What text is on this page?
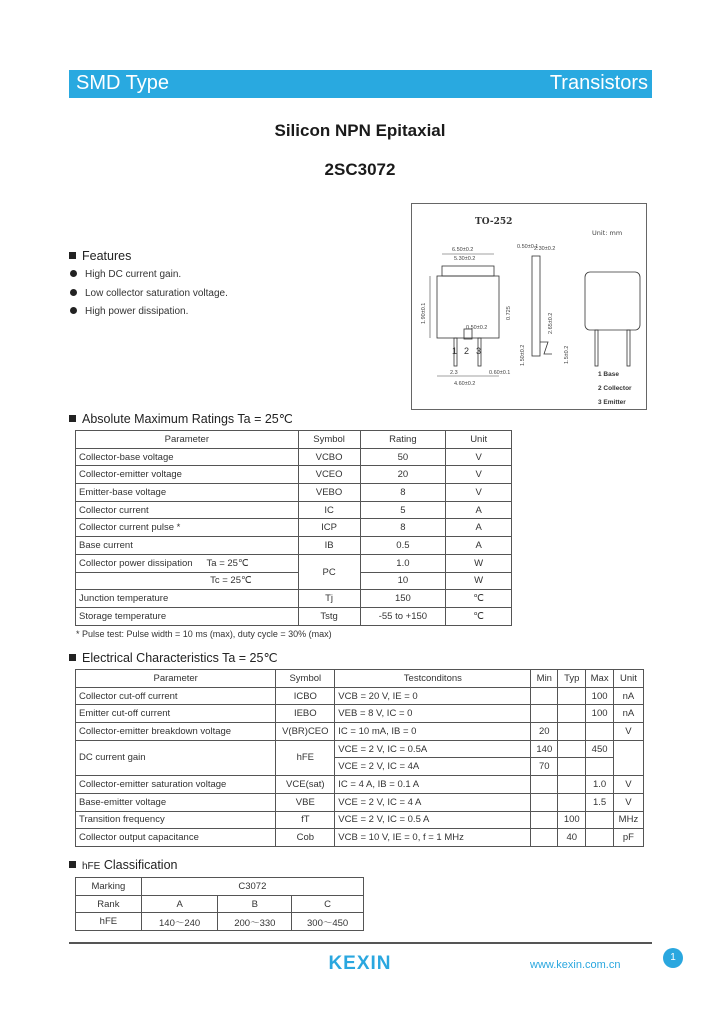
SMD Type	Transistors
Silicon NPN Epitaxial
2SC3072
Features
High DC current gain.
Low collector saturation voltage.
High power dissipation.
TO-252
Unit: mm
6.50±0.2
5.30±0.2
0.50±0.2
2.3
4.60±0.2
0.60±0.1
1 2 3
1.90±0.1
0.50±0.1
2.30±0.2
0.725
1.50±0.2
2.65±0.2
1.5±0.2
1 Base
2 Collector
3 Emitter
Absolute Maximum Ratings Ta = 25℃
Parameter	Symbol	Rating	Unit
Collector-base voltage	VCBO	50	V
Collector-emitter voltage	VCEO	20	V
Emitter-base voltage	VEBO	8	V
Collector current	IC	5	A
Collector current pulse *	ICP	8	A
Base current	IB	0.5	A
Collector power dissipation Ta = 25℃	PC	1.0	W
Tc = 25℃		10	W
Junction temperature	Tj	150	℃
Storage temperature	Tstg	-55 to +150	℃
* Pulse test: Pulse width = 10 ms (max), duty cycle = 30% (max)
Electrical Characteristics Ta = 25℃
Parameter	Symbol	Testconditons	Min	Typ	Max	Unit
Collector cut-off current	ICBO	VCB = 20 V, IE = 0			100	nA
Emitter cut-off current	IEBO	VEB = 8 V, IC = 0			100	nA
Collector-emitter breakdown voltage	V(BR)CEO	IC = 10 mA, IB = 0	20			V
DC current gain	hFE	VCE = 2 V, IC = 0.5A	140		450	
		VCE = 2 V, IC = 4A	70			
Collector-emitter saturation voltage	VCE(sat)	IC = 4 A, IB = 0.1 A			1.0	V
Base-emitter voltage	VBE	VCE = 2 V, IC = 4 A			1.5	V
Transition frequency	fT	VCE = 2 V, IC = 0.5 A		100		MHz
Collector output capacitance	Cob	VCB = 10 V, IE = 0, f = 1 MHz		40		pF
hFE Classification
Marking	C3072		
Rank	A	B	C
hFE	140～240	200～330	300～450
KEXIN	www.kexin.com.cn
1
